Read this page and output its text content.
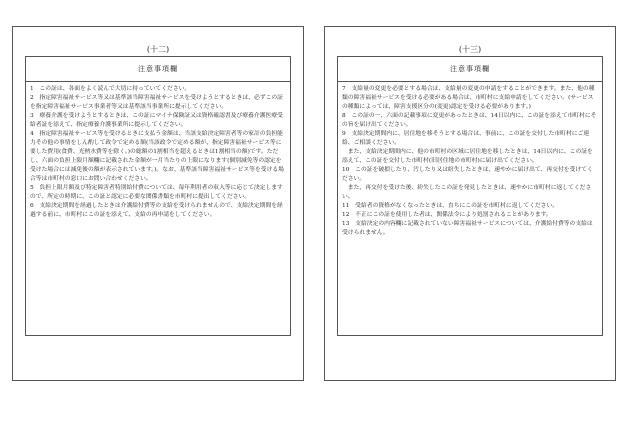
(十二)
注意事項欄
1　この証は、各面をよく読んで大切に持っていてください。
2　指定障害福祉サービス等又は基準該当障害福祉サービスを受けようとするときは、必ずこの証を指定障害福祉サービス事業者等又は基準該当事業所に提示してください。
3　療養介護を受けようとするときは、この証にマイナ保険証又は資格確認書及び療養介護医療受給者証を添えて、指定療養介護事業所に提示してください。
4　指定障害福祉サービス等を受けるときに支払う金額は、当該支給決定障害者等の家計の負担能力その他の事情をしん酌して政令で定める額(当該政令で定める額が、指定障害福祉サービス等に要した費用(食費、光熱水費等を除く。)の総額の1割相当を超えるときは1割相当の額)です。ただし、六面の負担上限月額欄に記載された金額が一月当たりの上限になります(個別減免等の認定を受けた場合には減免後の額が表示されています。)。なお、基準該当障害福祉サービス等を受ける場合等は市町村の窓口にお問い合わせください。
5　負担上限月額及び特定障害者特別給付費については、毎年利用者の収入等に応じて決定しますので、所定の時期に、この証と認定に必要な関係書類を市町村に提出してください。
6　支給決定期間を経過したときは介護給付費等の支給を受けられませんので、支給決定期間を経過する前に、市町村にこの証を添えて、支給の再申請をしてください。
(十三)
注意事項欄
7　支給量の変更を必要とする場合は、支給量の変更の申請をすることができます。また、他の種類の障害福祉サービスを受ける必要がある場合は、市町村に支給申請をしてください。(サービスの種類によっては、障害支援区分の(変更)認定を受ける必要があります。)
8　この証の一、六面の記載事項に変更があったときは、14日以内に、この証を添えて市町村にその旨を届け出てください。
9　支給決定期間内に、居住地を移そうとする場合は、事前に、この証を交付した市町村にご連絡、ご相談ください。
　また、支給決定期間内に、他の市町村の区域に居住地を移したときは、14日以内に、この証を添えて、この証を交付した市町村(旧居住地の市町村)に届け出てください。
10　この証を破損したり、汚したり又は紛失したときは、速やかに届け出て、再交付を受けてください。
　また、再交付を受けた後、紛失したこの証を発見したときは、速やかに市町村に返してください。
11　受給者の資格がなくなったときは、直ちにこの証を市町村に返してください。
12　不正にこの証を使用した者は、関係法令により処罰されることがあります。
13　支給決定の内容欄に記載されていない障害福祉サービスについては、介護給付費等の支給は受けられません。
